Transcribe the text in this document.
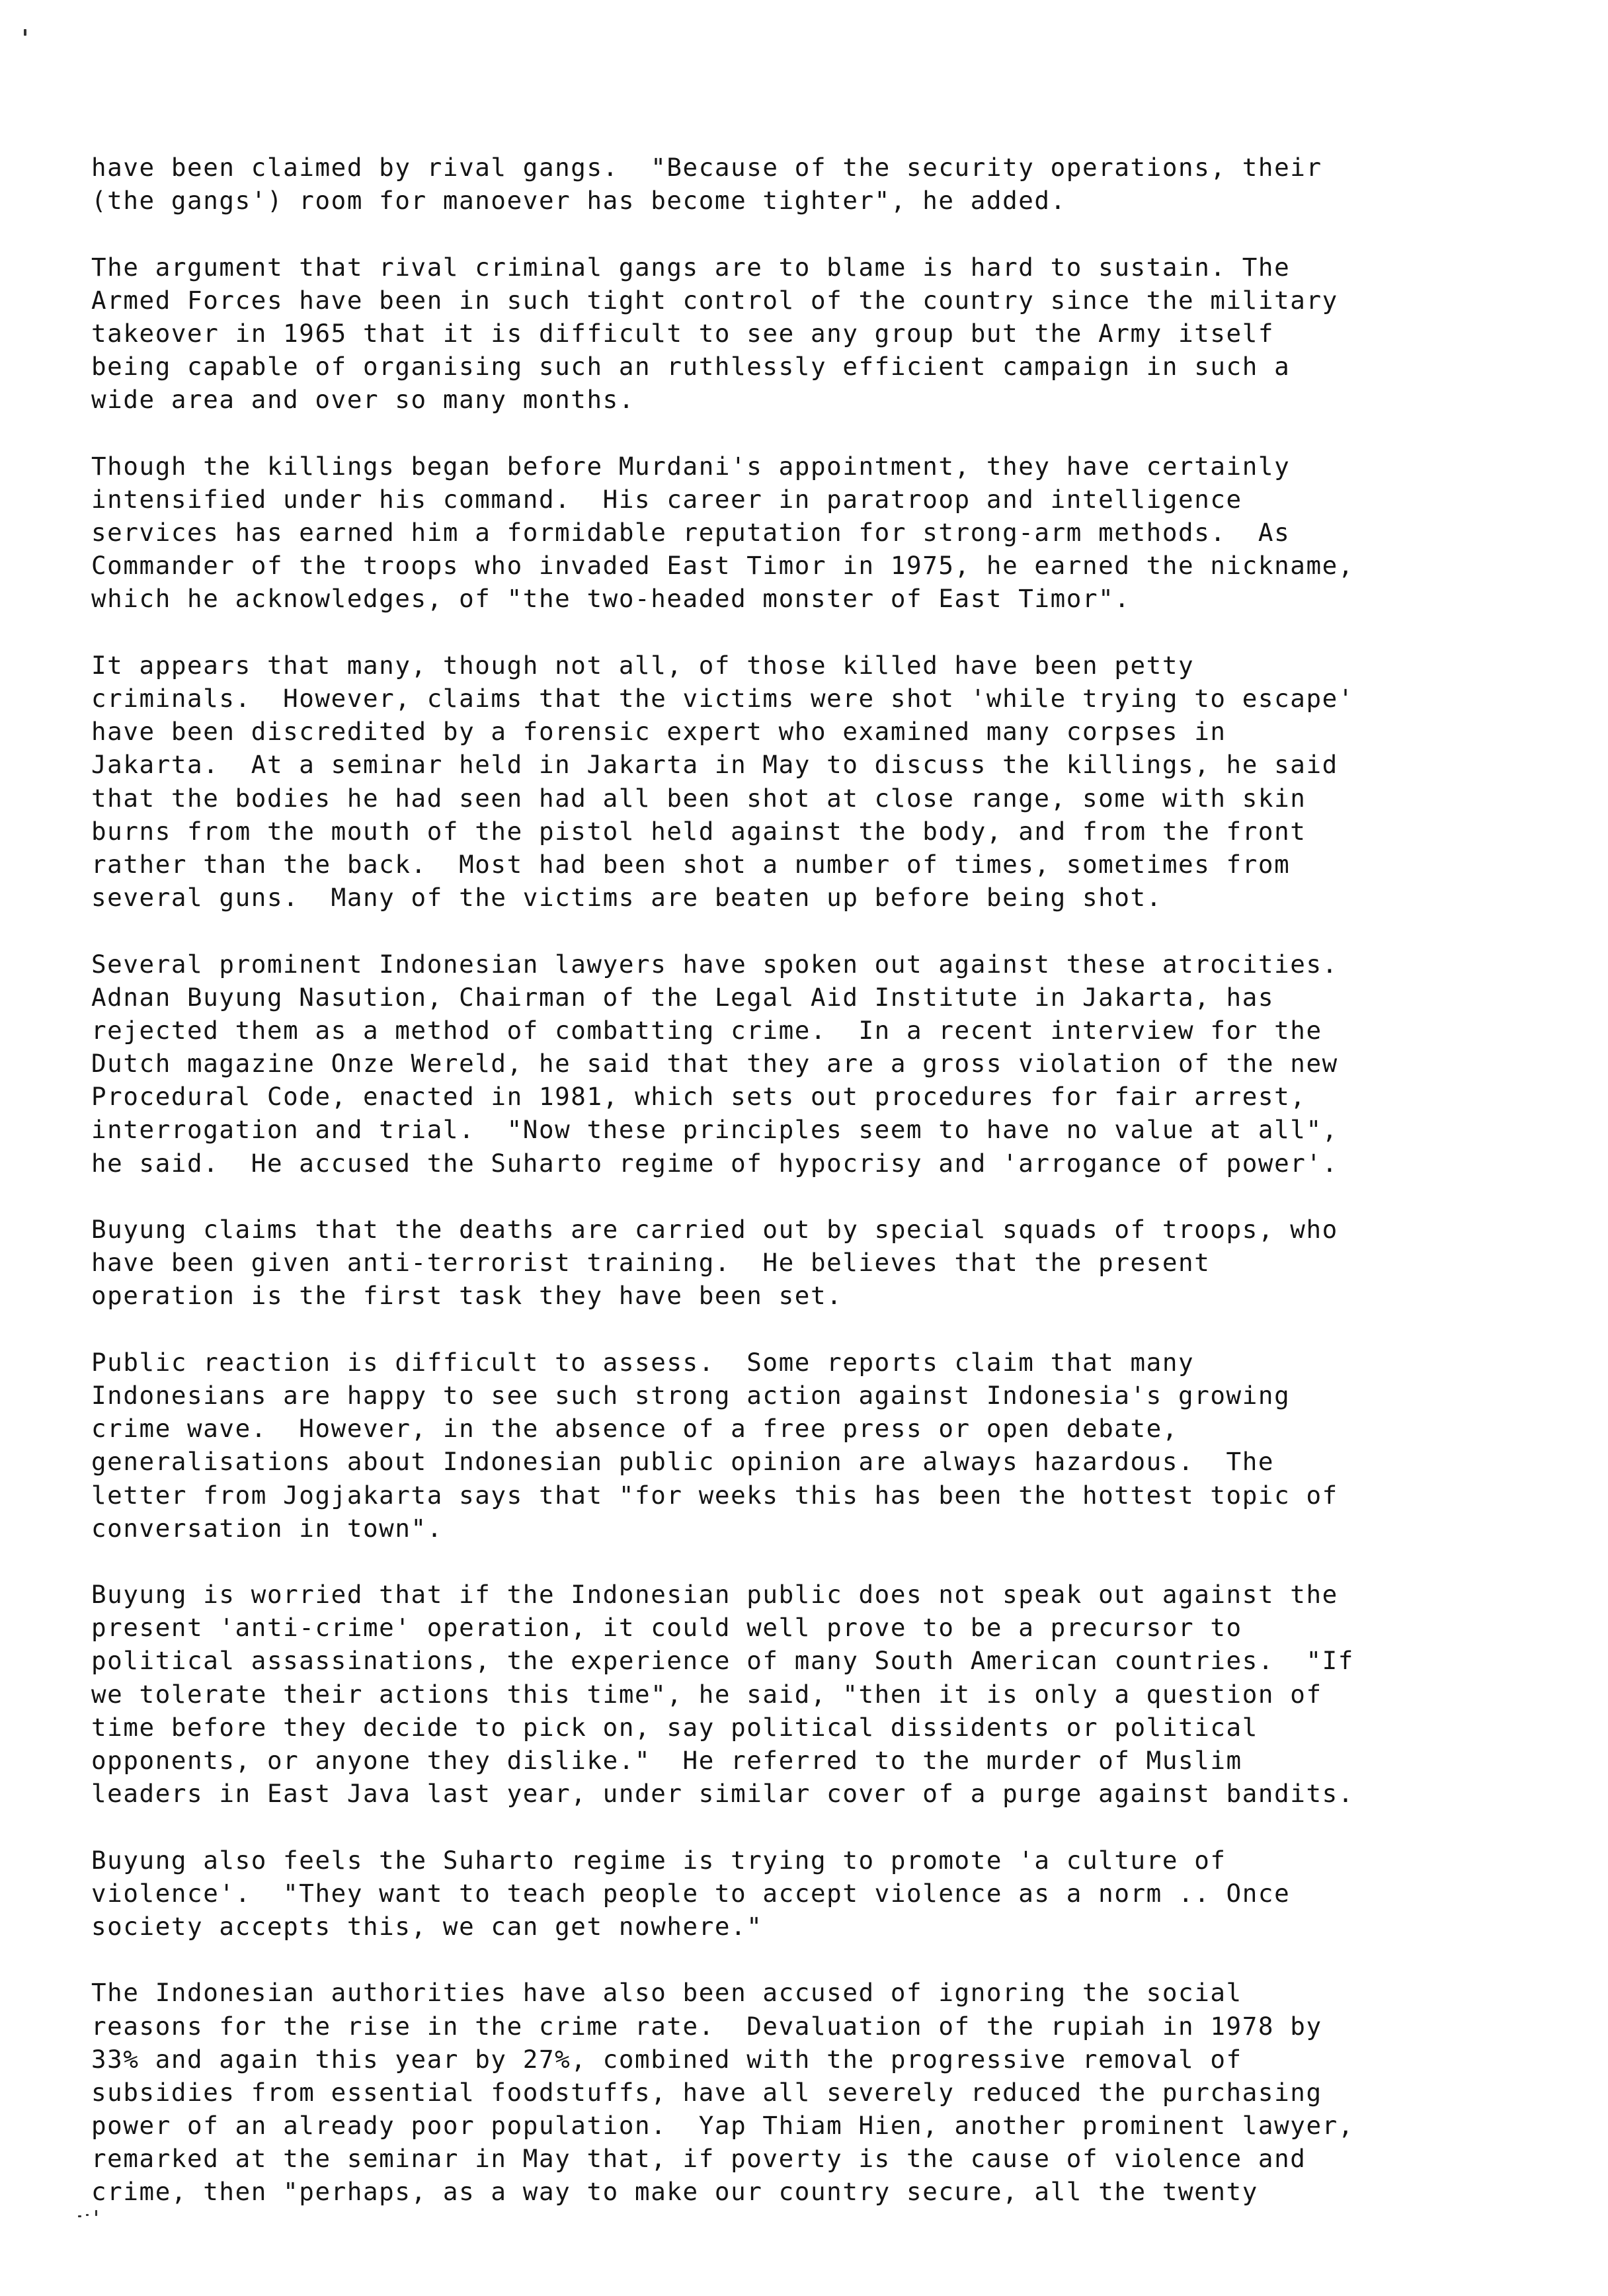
have been claimed by rival gangs.  "Because of the security operations, their
(the gangs') room for manoever has become tighter", he added.
The argument that rival criminal gangs are to blame is hard to sustain. The
Armed Forces have been in such tight control of the country since the military
takeover in 1965 that it is difficult to see any group but the Army itself
being capable of organising such an ruthlessly efficient campaign in such a
wide area and over so many months.
Though the killings began before Murdani's appointment, they have certainly
intensified under his command.  His career in paratroop and intelligence
services has earned him a formidable reputation for strong-arm methods.  As
Commander of the troops who invaded East Timor in 1975, he earned the nickname,
which he acknowledges, of "the two-headed monster of East Timor".
It appears that many, though not all, of those killed have been petty
criminals.  However, claims that the victims were shot 'while trying to escape'
have been discredited by a forensic expert who examined many corpses in
Jakarta.  At a seminar held in Jakarta in May to discuss the killings, he said
that the bodies he had seen had all been shot at close range, some with skin
burns from the mouth of the pistol held against the body, and from the front
rather than the back.  Most had been shot a number of times, sometimes from
several guns.  Many of the victims are beaten up before being shot.
Several prominent Indonesian lawyers have spoken out against these atrocities.
Adnan Buyung Nasution, Chairman of the Legal Aid Institute in Jakarta, has
rejected them as a method of combatting crime.  In a recent interview for the
Dutch magazine Onze Wereld, he said that they are a gross violation of the new
Procedural Code, enacted in 1981, which sets out procedures for fair arrest,
interrogation and trial.  "Now these principles seem to have no value at all",
he said.  He accused the Suharto regime of hypocrisy and 'arrogance of power'.
Buyung claims that the deaths are carried out by special squads of troops, who
have been given anti-terrorist training.  He believes that the present
operation is the first task they have been set.
Public reaction is difficult to assess.  Some reports claim that many
Indonesians are happy to see such strong action against Indonesia's growing
crime wave.  However, in the absence of a free press or open debate,
generalisations about Indonesian public opinion are always hazardous.  The
letter from Jogjakarta says that "for weeks this has been the hottest topic of
conversation in town".
Buyung is worried that if the Indonesian public does not speak out against the
present 'anti-crime' operation, it could well prove to be a precursor to
political assassinations, the experience of many South American countries.  "If
we tolerate their actions this time", he said, "then it is only a question of
time before they decide to pick on, say political dissidents or political
opponents, or anyone they dislike."  He referred to the murder of Muslim
leaders in East Java last year, under similar cover of a purge against bandits.
Buyung also feels the Suharto regime is trying to promote 'a culture of
violence'.  "They want to teach people to accept violence as a norm .. Once
society accepts this, we can get nowhere."
The Indonesian authorities have also been accused of ignoring the social
reasons for the rise in the crime rate.  Devaluation of the rupiah in 1978 by
33% and again this year by 27%, combined with the progressive removal of
subsidies from essential foodstuffs, have all severely reduced the purchasing
power of an already poor population.  Yap Thiam Hien, another prominent lawyer,
remarked at the seminar in May that, if poverty is the cause of violence and
crime, then "perhaps, as a way to make our country secure, all the twenty
